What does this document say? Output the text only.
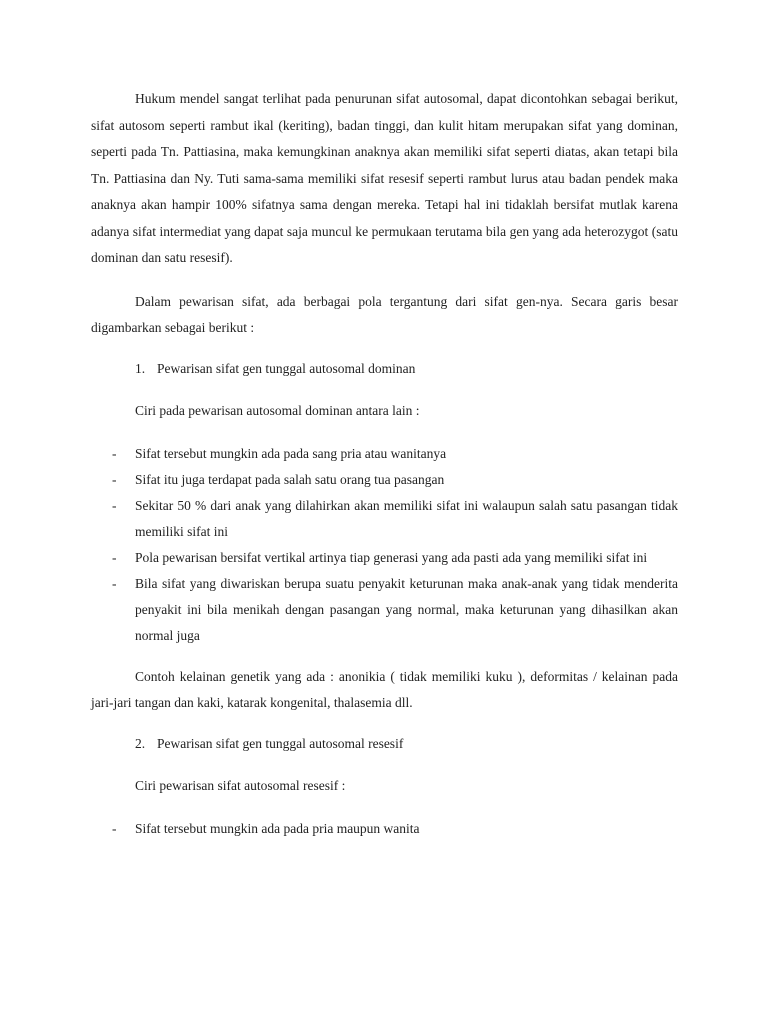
Hukum mendel sangat terlihat pada penurunan sifat autosomal, dapat dicontohkan sebagai berikut, sifat autosom seperti rambut ikal (keriting), badan tinggi, dan kulit hitam merupakan sifat yang dominan, seperti pada Tn. Pattiasina, maka kemungkinan anaknya akan memiliki sifat seperti diatas, akan tetapi bila Tn. Pattiasina dan Ny. Tuti sama-sama memiliki sifat resesif seperti rambut lurus atau badan pendek maka anaknya akan hampir 100% sifatnya sama dengan mereka. Tetapi hal ini tidaklah bersifat mutlak karena adanya sifat intermediat yang dapat saja muncul ke permukaan terutama bila gen yang ada heterozygot (satu dominan dan satu resesif).

Dalam pewarisan sifat, ada berbagai pola tergantung dari sifat gen-nya. Secara garis besar digambarkan sebagai berikut :

1. Pewarisan sifat gen tunggal autosomal dominan

Ciri pada pewarisan autosomal dominan antara lain :

- Sifat tersebut mungkin ada pada sang pria atau wanitanya
- Sifat itu juga terdapat pada salah satu orang tua pasangan
- Sekitar 50 % dari anak yang dilahirkan akan memiliki sifat ini walaupun salah satu pasangan tidak memiliki sifat ini
- Pola pewarisan bersifat vertikal artinya tiap generasi yang ada pasti ada yang memiliki sifat ini
- Bila sifat yang diwariskan berupa suatu penyakit keturunan maka anak-anak yang tidak menderita penyakit ini bila menikah dengan pasangan yang normal, maka keturunan yang dihasilkan akan normal juga

Contoh kelainan genetik yang ada : anonikia ( tidak memiliki kuku ), deformitas / kelainan pada jari-jari tangan dan kaki, katarak kongenital, thalasemia dll.

2. Pewarisan sifat gen tunggal autosomal resesif

Ciri pewarisan sifat autosomal resesif :

- Sifat tersebut mungkin ada pada pria maupun wanita
